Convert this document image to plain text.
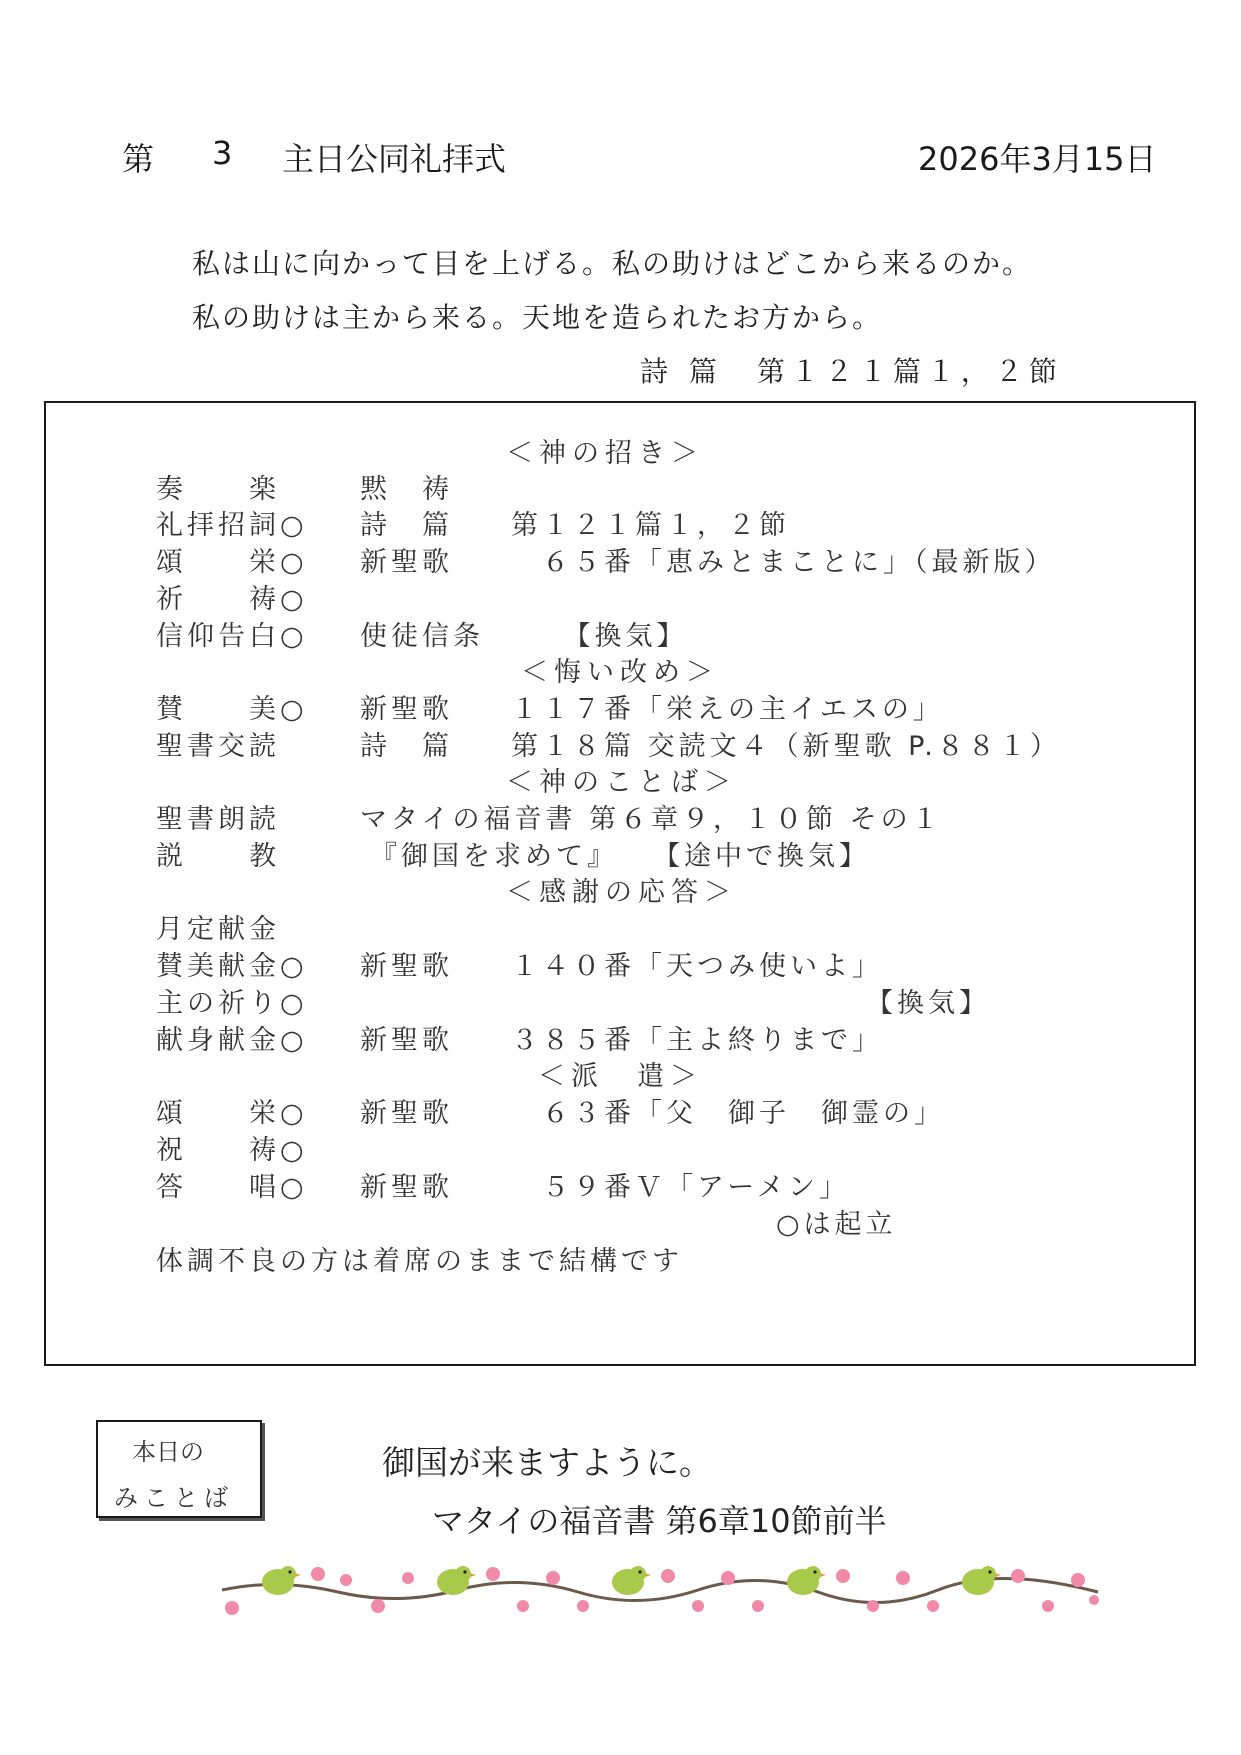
第 3 主日公同礼拝式	2026年3月15日
私は山に向かって目を上げる。私の助けはどこから来るのか。
私の助けは主から来る。天地を造られたお方から。
詩 篇　第１２１篇１，２節
＜神の招き＞
奏　　楽	黙　祷
礼拝招詞○ 詩　篇 第１２１篇１，２節
頌　　栄○ 新聖歌 　６５番「恵みとまことに」（最新版）
祈　　祷○
信仰告白○ 使徒信条 　【換気】
＜悔い改め＞
賛　　美○ 新聖歌 １１７番「栄えの主イエスの」
聖書交読	詩　篇 第１８篇 交読文４（新聖歌 P.８８１）
＜神のことば＞
聖書朗読	マタイの福音書 第６章９，１０節 その１
説　　教	『御国を求めて』　　【途中で換気】
＜感謝の応答＞
月定献金
賛美献金○ 新聖歌 １４０番「天つみ使いよ」
主の祈り○	【換気】
献身献金○ 新聖歌 ３８５番「主よ終りまで」
＜派　遣＞
頌　　栄○ 新聖歌 　６３番「父　御子　御霊の」
祝　　祷○
答　　唱○ 新聖歌 　５９番Ｖ「アーメン」
○は起立
体調不良の方は着席のままで結構です
本日の
みことば
御国が来ますように。
マタイの福音書 第6章10節前半
